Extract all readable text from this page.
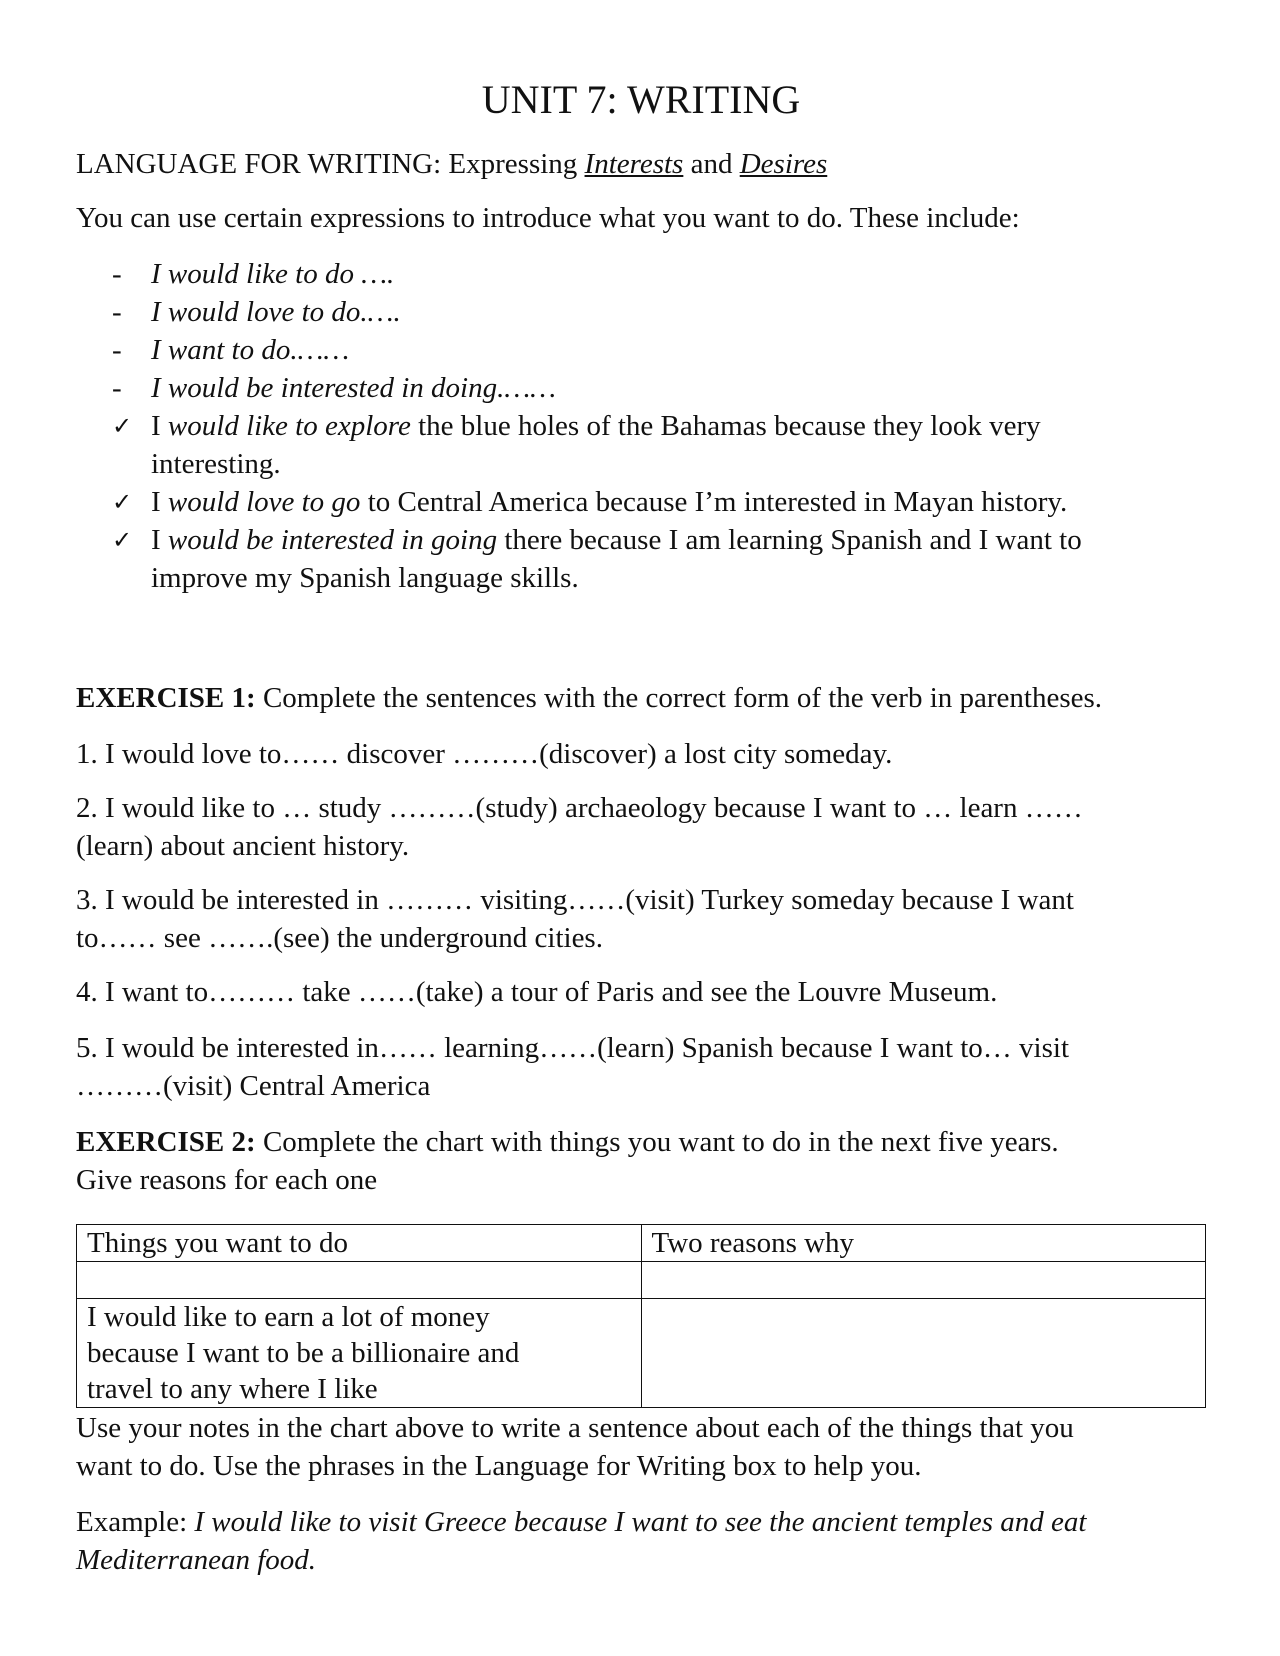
UNIT 7: WRITING
LANGUAGE FOR WRITING: Expressing Interests and Desires
You can use certain expressions to introduce what you want to do. These include:
- I would like to do ….
- I would love to do.….
- I want to do.……
- I would be interested in doing.……
✓ I would like to explore the blue holes of the Bahamas because they look very
interesting.
✓ I would love to go to Central America because I’m interested in Mayan history.
✓ I would be interested in going there because I am learning Spanish and I want to
improve my Spanish language skills.
EXERCISE 1: Complete the sentences with the correct form of the verb in parentheses.
1. I would love to…… discover ………(discover) a lost city someday.
2. I would like to … study ………(study) archaeology because I want to … learn ……
(learn) about ancient history.
3. I would be interested in ……… visiting……(visit) Turkey someday because I want
to…… see …….(see) the underground cities.
4. I want to……… take ……(take) a tour of Paris and see the Louvre Museum.
5. I would be interested in…… learning……(learn) Spanish because I want to… visit
………(visit) Central America
EXERCISE 2: Complete the chart with things you want to do in the next five years.
Give reasons for each one
Things you want to do	Two reasons why

I would like to earn a lot of money
because I want to be a billionaire and
travel to any where I like	

Use your notes in the chart above to write a sentence about each of the things that you
want to do. Use the phrases in the Language for Writing box to help you.
Example: I would like to visit Greece because I want to see the ancient temples and eat
Mediterranean food.
